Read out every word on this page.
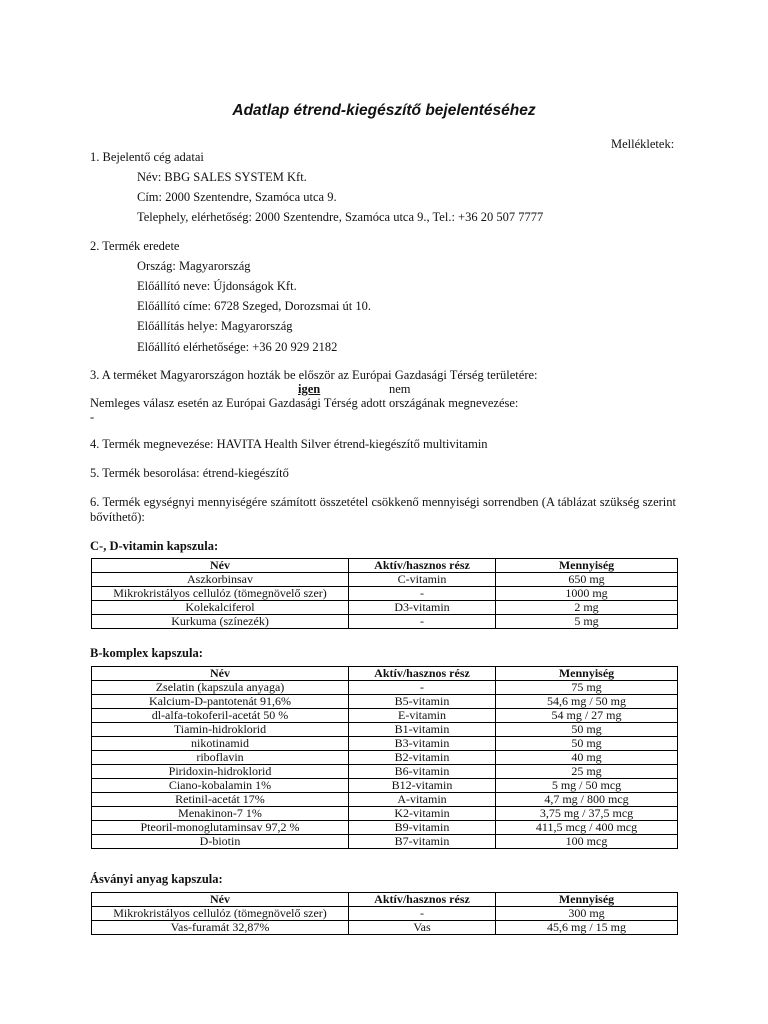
Adatlap étrend-kiegészítő bejelentéséhez
Mellékletek:
1. Bejelentő cég adatai
Név: BBG SALES SYSTEM Kft.
Cím: 2000 Szentendre, Szamóca utca 9.
Telephely, elérhetőség: 2000 Szentendre, Szamóca utca 9., Tel.: +36 20 507 7777
2. Termék eredete
Ország: Magyarország
Előállító neve: Újdonságok Kft.
Előállító címe: 6728 Szeged, Dorozsmai út 10.
Előállítás helye: Magyarország
Előállító elérhetősége: +36 20 929 2182
3. A terméket Magyarországon hozták be először az Európai Gazdasági Térség területére:
igen	nem
Nemleges válasz esetén az Európai Gazdasági Térség adott országának megnevezése:
-
4. Termék megnevezése: HAVITA Health Silver étrend-kiegészítő multivitamin
5. Termék besorolása: étrend-kiegészítő
6. Termék egységnyi mennyiségére számított összetétel csökkenő mennyiségi sorrendben (A táblázat szükség szerint bővíthető):
C-, D-vitamin kapszula:
Név	Aktív/hasznos rész	Mennyiség
Aszkorbinsav	C-vitamin	650 mg
Mikrokristályos cellulóz (tömegnövelő szer)	-	1000 mg
Kolekalciferol	D3-vitamin	2 mg
Kurkuma (színezék)	-	5 mg
B-komplex kapszula:
Név	Aktív/hasznos rész	Mennyiség
Zselatin (kapszula anyaga)	-	75 mg
Kalcium-D-pantotenát 91,6%	B5-vitamin	54,6 mg / 50 mg
dl-alfa-tokoferil-acetát 50 %	E-vitamin	54 mg / 27 mg
Tiamin-hidroklorid	B1-vitamin	50 mg
nikotinamid	B3-vitamin	50 mg
riboflavin	B2-vitamin	40 mg
Piridoxin-hidroklorid	B6-vitamin	25 mg
Ciano-kobalamin 1%	B12-vitamin	5 mg / 50 mcg
Retinil-acetát 17%	A-vitamin	4,7 mg / 800 mcg
Menakinon-7 1%	K2-vitamin	3,75 mg / 37,5 mcg
Pteoril-monoglutaminsav 97,2 %	B9-vitamin	411,5 mcg / 400 mcg
D-biotin	B7-vitamin	100 mcg
Ásványi anyag kapszula:
Név	Aktív/hasznos rész	Mennyiség
Mikrokristályos cellulóz (tömegnövelő szer)	-	300 mg
Vas-furamát 32,87%	Vas	45,6 mg / 15 mg
